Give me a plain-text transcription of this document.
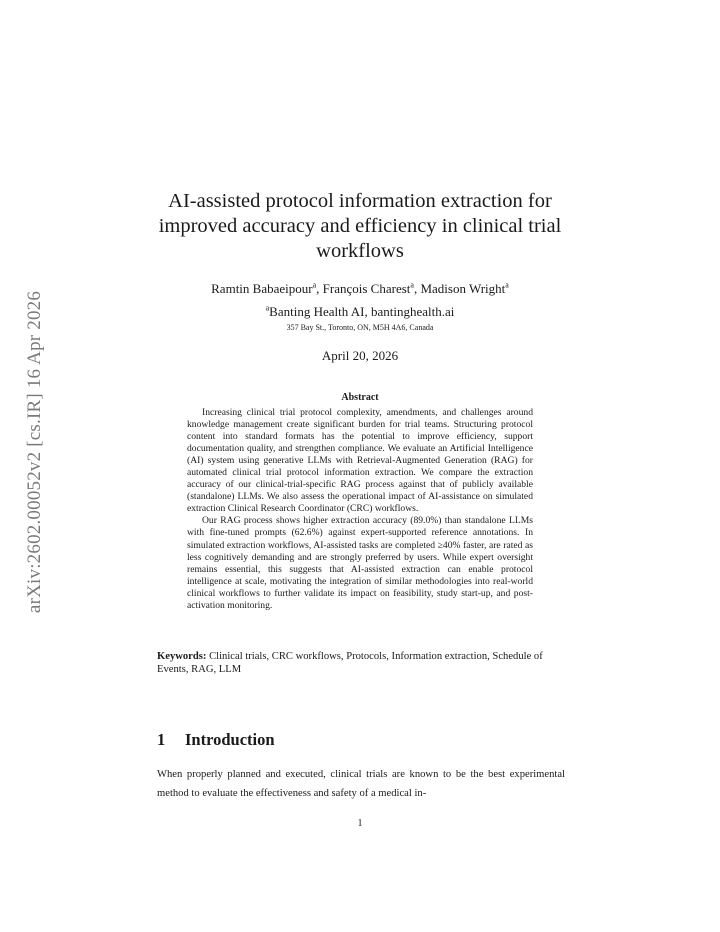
arXiv:2602.00052v2 [cs.IR] 16 Apr 2026
AI-assisted protocol information extraction for improved accuracy and efficiency in clinical trial workflows
Ramtin Babaeipour$^a$, François Charest$^a$, Madison Wright$^a$
$^a$Banting Health AI, bantinghealth.ai
357 Bay St., Toronto, ON, M5H 4A6, Canada
April 20, 2026
Abstract

Increasing clinical trial protocol complexity, amendments, and challenges around knowledge management create significant burden for trial teams. Structuring protocol content into standard formats has the potential to improve efficiency, support documentation quality, and strengthen compliance. We evaluate an Artificial Intelligence (AI) system using generative LLMs with Retrieval-Augmented Generation (RAG) for automated clinical trial protocol information extraction. We compare the extraction accuracy of our clinical-trial-specific RAG process against that of publicly available (standalone) LLMs. We also assess the operational impact of AI-assistance on simulated extraction Clinical Research Coordinator (CRC) workflows.

Our RAG process shows higher extraction accuracy (89.0%) than standalone LLMs with fine-tuned prompts (62.6%) against expert-supported reference annotations. In simulated extraction workflows, AI-assisted tasks are completed ≥40% faster, are rated as less cognitively demanding and are strongly preferred by users. While expert oversight remains essential, this suggests that AI-assisted extraction can enable protocol intelligence at scale, motivating the integration of similar methodologies into real-world clinical workflows to further validate its impact on feasibility, study start-up, and post-activation monitoring.

Keywords: Clinical trials, CRC workflows, Protocols, Information extraction, Schedule of Events, RAG, LLM
1 Introduction

When properly planned and executed, clinical trials are known to be the best experimental method to evaluate the effectiveness and safety of a medical in-

1
